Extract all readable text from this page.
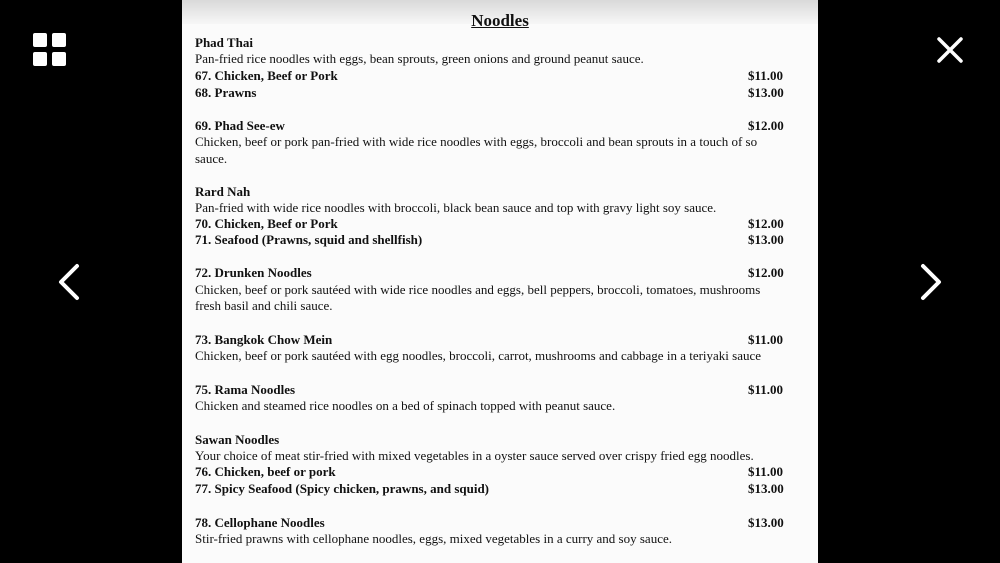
Noodles
Phad Thai
Pan-fried rice noodles with eggs, bean sprouts, green onions and ground peanut sauce.
67. Chicken, Beef or Pork	$11.00
68. Prawns	$13.00
69. Phad See-ew	$12.00
Chicken, beef or pork pan-fried with wide rice noodles with eggs, broccoli and bean sprouts in a touch of so
sauce.
Rard Nah
Pan-fried with wide rice noodles with broccoli, black bean sauce and top with gravy light soy sauce.
70. Chicken, Beef or Pork	$12.00
71. Seafood (Prawns, squid and shellfish)	$13.00
72. Drunken Noodles	$12.00
Chicken, beef or pork sautéed with wide rice noodles and eggs, bell peppers, broccoli, tomatoes, mushrooms
fresh basil and chili sauce.
73. Bangkok Chow Mein	$11.00
Chicken, beef or pork sautéed with egg noodles, broccoli, carrot, mushrooms and cabbage in a teriyaki sauce
75. Rama Noodles	$11.00
Chicken and steamed rice noodles on a bed of spinach topped with peanut sauce.
Sawan Noodles
Your choice of meat stir-fried with mixed vegetables in a oyster sauce served over crispy fried egg noodles.
76. Chicken, beef or pork	$11.00
77. Spicy Seafood (Spicy chicken, prawns, and squid)	$13.00
78. Cellophane Noodles	$13.00
Stir-fried prawns with cellophane noodles, eggs, mixed vegetables in a curry and soy sauce.
